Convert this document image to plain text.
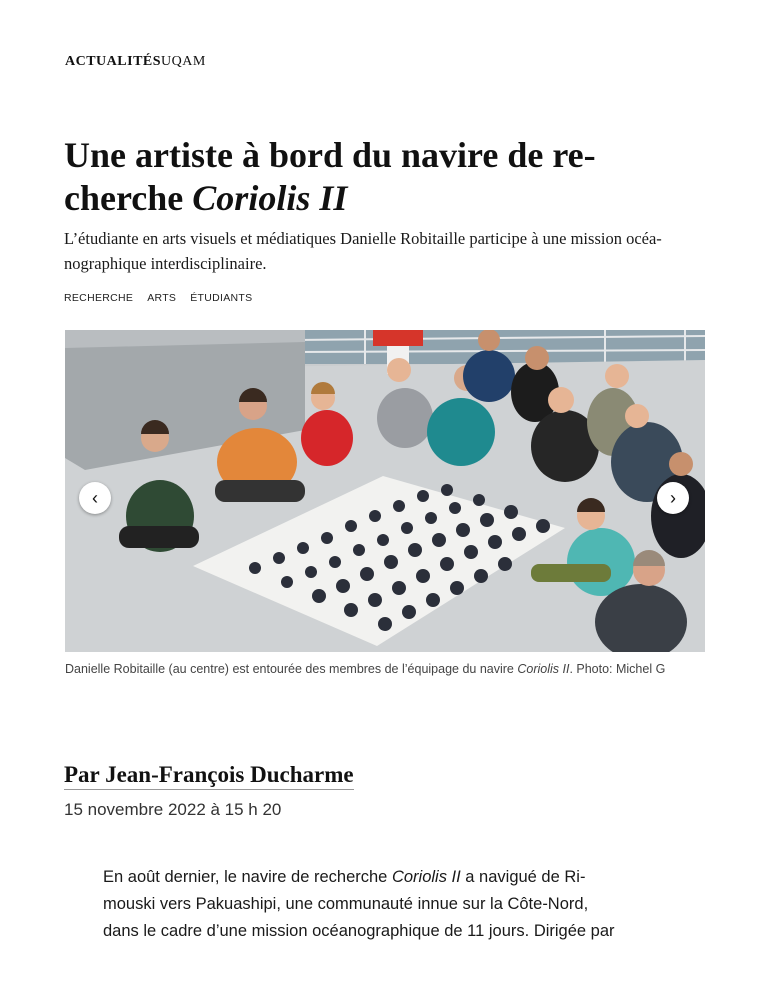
ACTUALITÉSUQAM
Une artiste à bord du navire de re-
cherche Coriolis II

L’étudiante en arts visuels et médiatiques Danielle Robitaille participe à une mission océa-
nographique interdisciplinaire.

RECHERCHE ARTS ÉTUDIANTS
‹	›
Danielle Robitaille (au centre) est entourée des membres de l’équipage du navire Coriolis II. Photo: Michel G
Par Jean-François Ducharme
15 novembre 2022 à 15 h 20

En août dernier, le navire de recherche Coriolis II a navigué de Ri-
mouski vers Pakuashipi, une communauté innue sur la Côte-Nord,
dans le cadre d’une mission océanographique de 11 jours. Dirigée par
